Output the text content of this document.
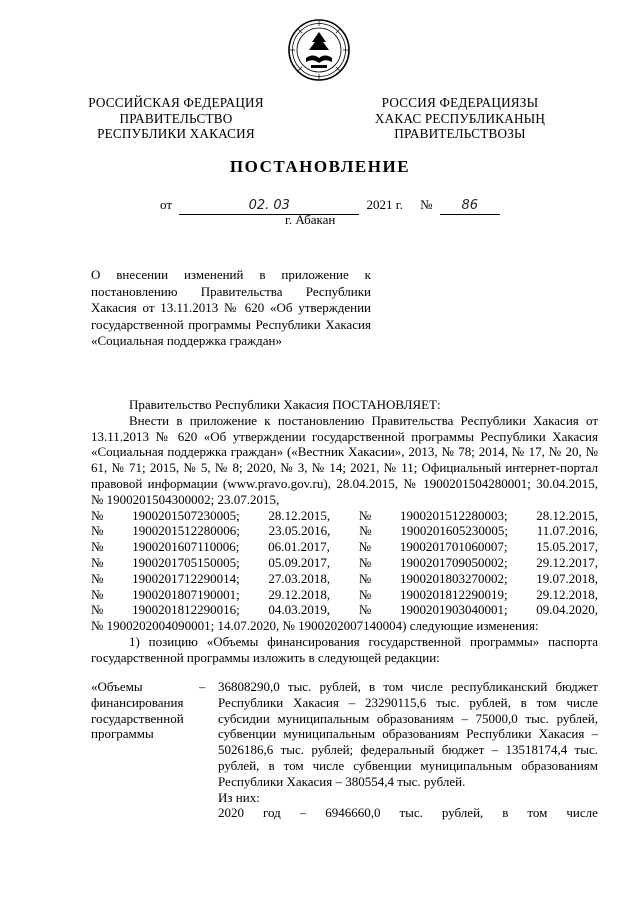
РОССИЙСКАЯ ФЕДЕРАЦИЯ
ПРАВИТЕЛЬСТВО
РЕСПУБЛИКИ ХАКАСИЯ
РОССИЯ ФЕДЕРАЦИЯЗЫ
ХАКАС РЕСПУБЛИКАНЫҢ
ПРАВИТЕЛЬСТВОЗЫ
ПОСТАНОВЛЕНИЕ
от	02. 03	2021 г. № 86
г. Абакан
О внесении изменений в приложение к постановлению Правительства Республики Хакасия от 13.11.2013 № 620 «Об утверждении государственной программы Республики Хакасия «Социальная поддержка граждан»

Правительство Республики Хакасия ПОСТАНОВЛЯЕТ:

Внести в приложение к постановлению Правительства Республики Хакасия от 13.11.2013 № 620 «Об утверждении государственной программы Республики Хакасия «Социальная поддержка граждан» («Вестник Хакасии», 2013, № 78; 2014, № 17, № 20, № 61, № 71; 2015, № 5, № 8; 2020, № 3, № 14; 2021, № 11; Официальный интернет-портал правовой информации (www.pravo.gov.ru), 28.04.2015, № 1900201504280001; 30.04.2015, № 1900201504300002; 23.07.2015,

№ 1900201507230005; 28.12.2015, № 1900201512280003; 28.12.2015,
№ 1900201512280006; 23.05.2016, № 1900201605230005; 11.07.2016,
№ 1900201607110006; 06.01.2017, № 1900201701060007; 15.05.2017,
№ 1900201705150005; 05.09.2017, № 1900201709050002; 29.12.2017,
№ 1900201712290014; 27.03.2018, № 1900201803270002; 19.07.2018,
№ 1900201807190001; 29.12.2018, № 1900201812290019; 29.12.2018,
№ 1900201812290016; 04.03.2019, № 1900201903040001; 09.04.2020,

№ 1900202004090001; 14.07.2020, № 1900202007140004) следующие изменения:

1) позицию «Объемы финансирования государственной программы» паспорта государственной программы изложить в следующей редакции:

«Объемы финансирования государственной программы
– 36808290,0 тыс. рублей, в том числе республиканский бюджет Республики Хакасия – 23290115,6 тыс. рублей, в том числе субсидии муниципальным образованиям – 75000,0 тыс. рублей, субвенции муниципальным образованиям Республики Хакасия – 5026186,6 тыс. рублей; федеральный бюджет – 13518174,4 тыс. рублей, в том числе субвенции муниципальным образованиям Республики Хакасия – 380554,4 тыс. рублей.

Из них:

2020 год – 6946660,0 тыс. рублей, в том числе
